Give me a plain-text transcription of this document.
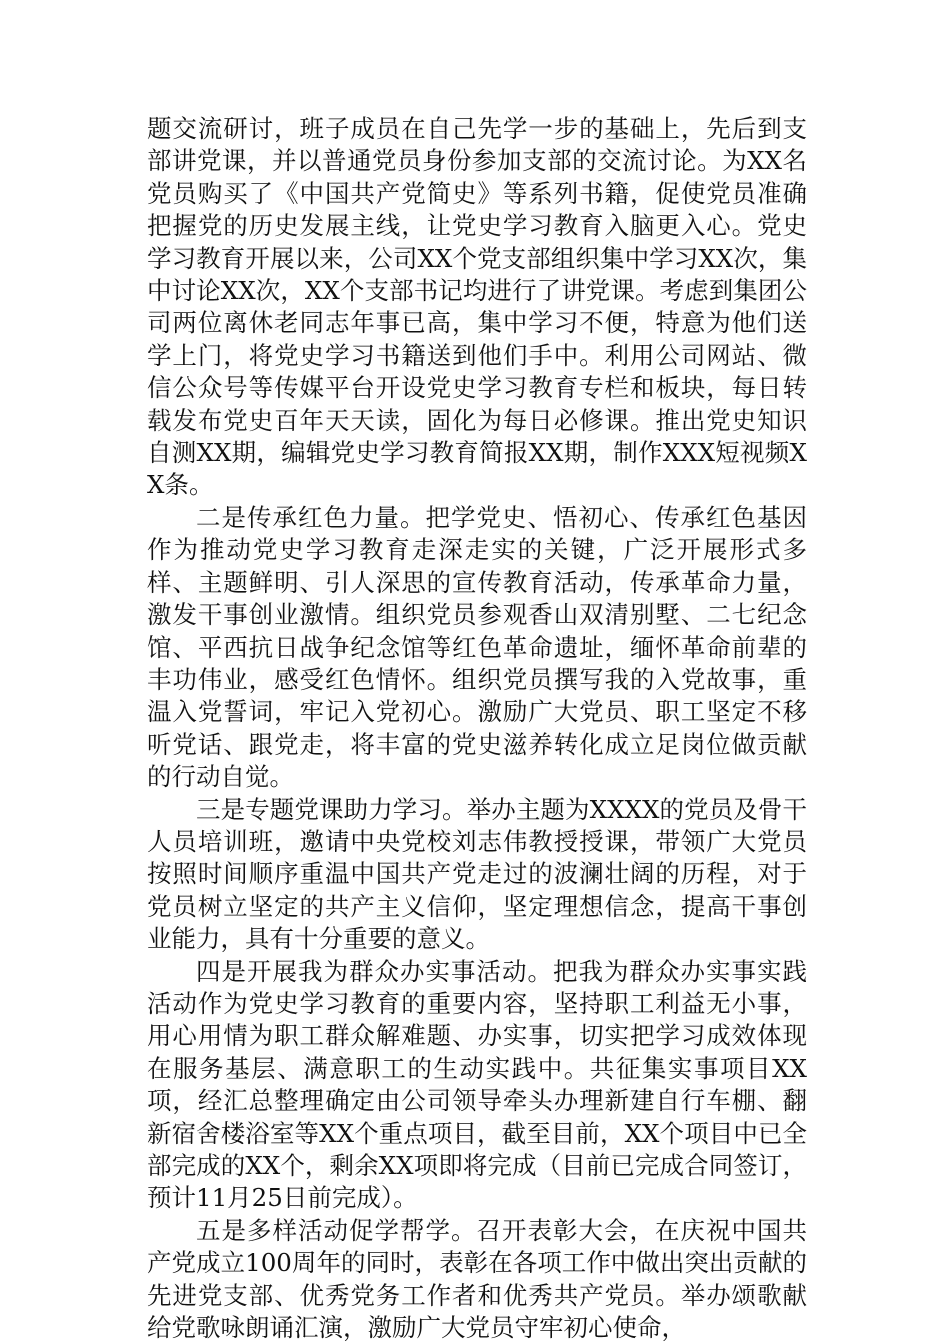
题交流研讨，班子成员在自己先学一步的基础上，先后到支部讲党课，并以普通党员身份参加支部的交流讨论。为XX名党员购买了《中国共产党简史》等系列书籍，促使党员准确把握党的历史发展主线，让党史学习教育入脑更入心。党史学习教育开展以来，公司XX个党支部组织集中学习XX次，集中讨论XX次，XX个支部书记均进行了讲党课。考虑到集团公司两位离休老同志年事已高，集中学习不便，特意为他们送学上门，将党史学习书籍送到他们手中。利用公司网站、微信公众号等传媒平台开设党史学习教育专栏和板块，每日转载发布党史百年天天读，固化为每日必修课。推出党史知识自测XX期，编辑党史学习教育简报XX期，制作XXX短视频XX条。

二是传承红色力量。把学党史、悟初心、传承红色基因作为推动党史学习教育走深走实的关键，广泛开展形式多样、主题鲜明、引人深思的宣传教育活动，传承革命力量，激发干事创业激情。组织党员参观香山双清别墅、二七纪念馆、平西抗日战争纪念馆等红色革命遗址，缅怀革命前辈的丰功伟业，感受红色情怀。组织党员撰写我的入党故事，重温入党誓词，牢记入党初心。激励广大党员、职工坚定不移听党话、跟党走，将丰富的党史滋养转化成立足岗位做贡献的行动自觉。

三是专题党课助力学习。举办主题为XXXX的党员及骨干人员培训班，邀请中央党校刘志伟教授授课，带领广大党员按照时间顺序重温中国共产党走过的波澜壮阔的历程，对于党员树立坚定的共产主义信仰，坚定理想信念，提高干事创业能力，具有十分重要的意义。

四是开展我为群众办实事活动。把我为群众办实事实践活动作为党史学习教育的重要内容，坚持职工利益无小事，用心用情为职工群众解难题、办实事，切实把学习成效体现在服务基层、满意职工的生动实践中。共征集实事项目XX项，经汇总整理确定由公司领导牵头办理新建自行车棚、翻新宿舍楼浴室等XX个重点项目，截至目前，XX个项目中已全部完成的XX个，剩余XX项即将完成（目前已完成合同签订，预计11月25日前完成）。

五是多样活动促学帮学。召开表彰大会，在庆祝中国共产党成立100周年的同时，表彰在各项工作中做出突出贡献的先进党支部、优秀党务工作者和优秀共产党员。举办颂歌献给党歌咏朗诵汇演，激励广大党员守牢初心使命，
